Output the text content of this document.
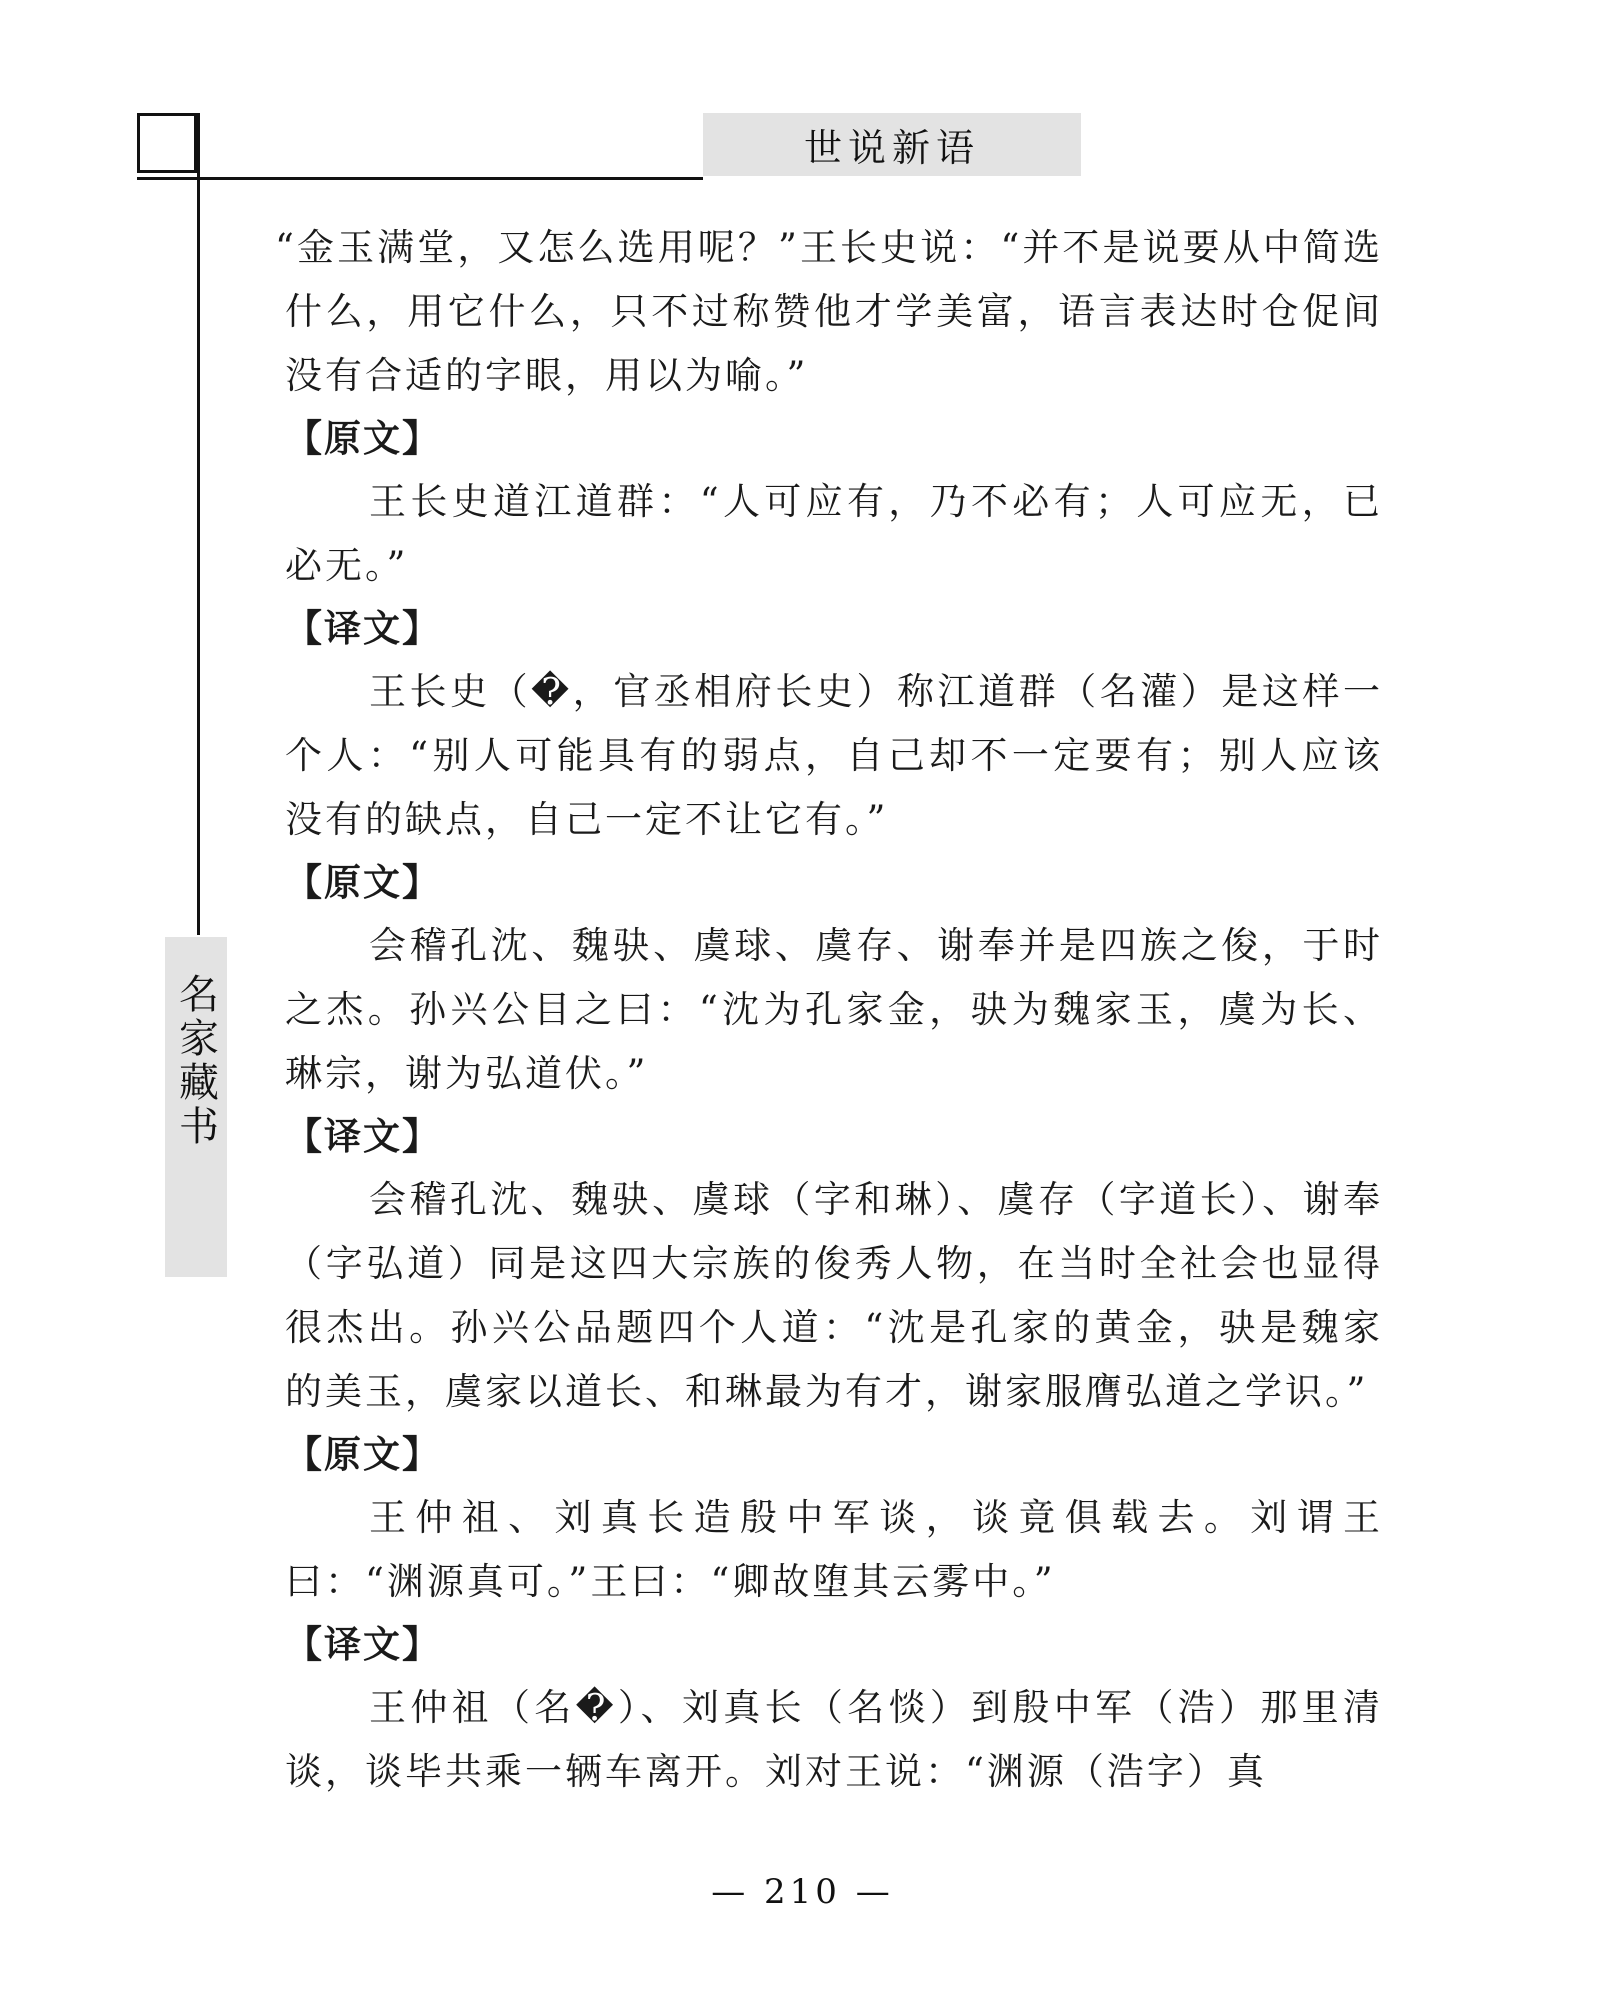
世说新语
名家藏书

“金玉满堂，又怎么选用呢？”王长史说：“并不是说要从中简选什么，用它什么，只不过称赞他才学美富，语言表达时仓促间没有合适的字眼，用以为喻。”

【原文】

王长史道江道群：“人可应有，乃不必有；人可应无，已必无。”

【译文】

王长史（�，官丞相府长史）称江道群（名灌）是这样一个人：“别人可能具有的弱点，自己却不一定要有；别人应该没有的缺点，自己一定不让它有。”

【原文】

会稽孔沈、魏𫘝、虞球、虞存、谢奉并是四族之俊，于时之杰。孙兴公目之曰：“沈为孔家金，𫘝为魏家玉，虞为长、琳宗，谢为弘道伏。”

【译文】

会稽孔沈、魏𫘝、虞球（字和琳）、虞存（字道长）、谢奉（字弘道）同是这四大宗族的俊秀人物，在当时全社会也显得很杰出。孙兴公品题四个人道：“沈是孔家的黄金，𫘝是魏家的美玉，虞家以道长、和琳最为有才，谢家服膺弘道之学识。”

【原文】

王仲祖、刘真长造殷中军谈，谈竟俱载去。刘谓王曰：“渊源真可。”王曰：“卿故堕其云雾中。”

【译文】

王仲祖（名�）、刘真长（名惔）到殷中军（浩）那里清谈，谈毕共乘一辆车离开。刘对王说：“渊源（浩字）真

— 210 —
